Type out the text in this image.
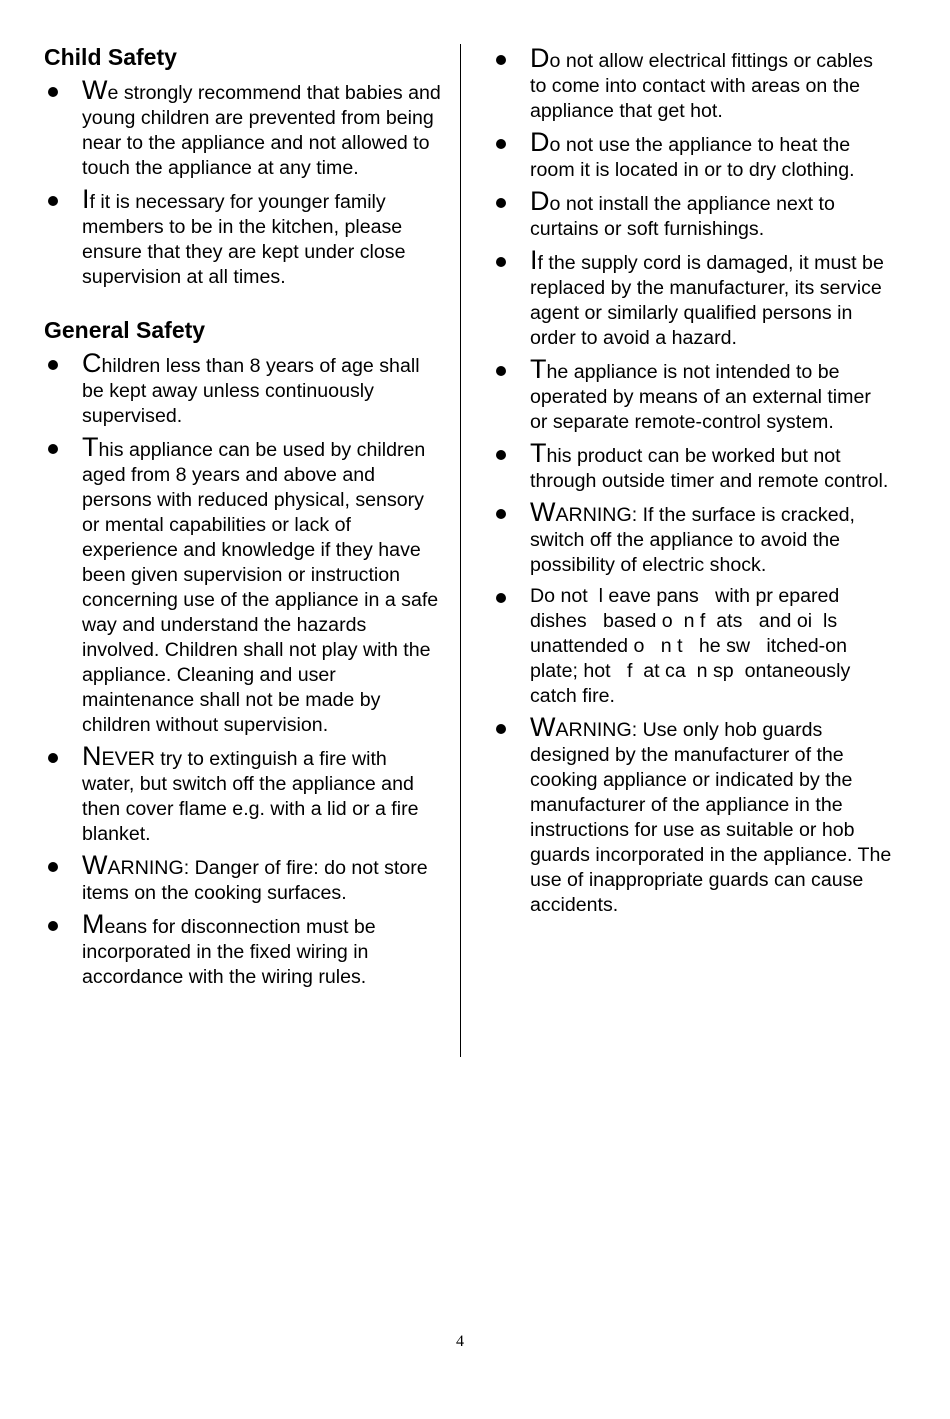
Child Safety
We strongly recommend that babies and young children are prevented from being near to the appliance and not allowed to touch the appliance at any time.
If it is necessary for younger family members to be in the kitchen, please ensure that they are kept under close supervision at all times.
General Safety
Children less than 8 years of age shall be kept away unless continuously supervised.
This appliance can be used by children aged from 8 years and above and persons with reduced physical, sensory or mental capabilities or lack of experience and knowledge if they have been given supervision or instruction concerning use of the appliance in a safe way and understand the hazards involved. Children shall not play with the appliance. Cleaning and user maintenance shall not be made by children without supervision.
NEVER try to extinguish a fire with water, but switch off the appliance and then cover flame e.g. with a lid or a fire blanket.
WARNING: Danger of fire: do not store items on the cooking surfaces.
Means for disconnection must be incorporated in the fixed wiring in accordance with the wiring rules.
Do not allow electrical fittings or cables to come into contact with areas on the appliance that get hot.
Do not use the appliance to heat the room it is located in or to dry clothing.
Do not install the appliance next to curtains or soft furnishings.
If the supply cord is damaged, it must be replaced by the manufacturer, its service agent or similarly qualified persons in order to avoid a hazard.
The appliance is not intended to be operated by means of an external timer or separate remote-control system.
This product can be worked but not through outside timer and remote control.
WARNING: If the surface is cracked, switch off the appliance to avoid the possibility of electric shock.
Do not  l eave pans   with pr epared dishes   based o  n f  ats   and oi  ls unattended o   n t   he sw   itched-on plate; hot   f  at ca  n sp  ontaneously catch fire.
WARNING: Use only hob guards designed by the manufacturer of the cooking appliance or indicated by the manufacturer of the appliance in the instructions for use as suitable or hob guards incorporated in the appliance. The use of inappropriate guards can cause accidents.
4
